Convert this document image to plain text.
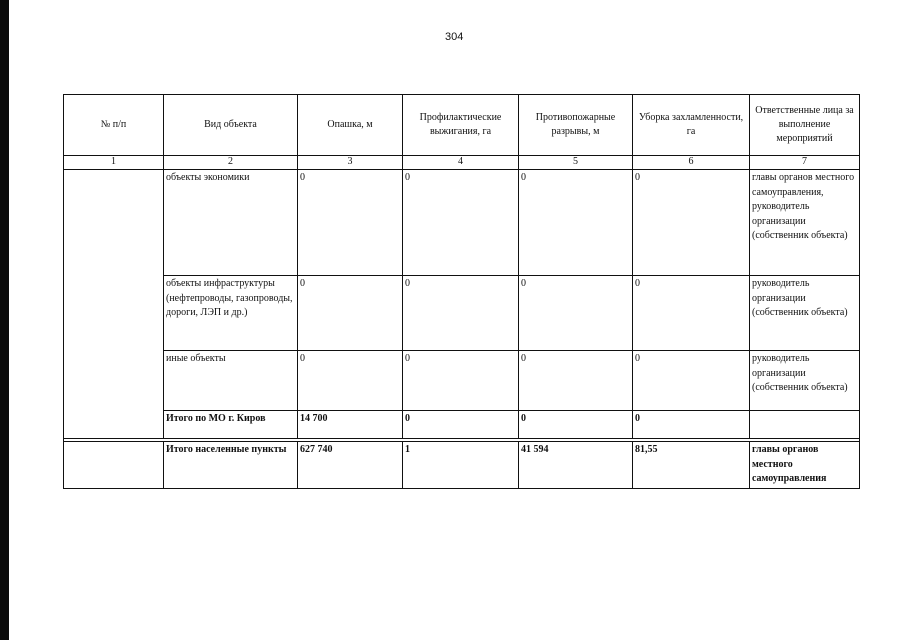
304
№ п/п	Вид объекта	Опашка, м	Профилактические выжигания, га	Противопожарные разрывы, м	Уборка захламленности, га	Ответственные лица за выполнение мероприятий
1	2	3	4	5	6	7
	объекты экономики	0	0	0	0	главы органов местного самоуправления, руководитель организации (собственник объекта)
	объекты инфраструктуры (нефтепроводы, газопроводы, дороги, ЛЭП и др.)	0	0	0	0	руководитель организации (собственник объекта)
	иные объекты	0	0	0	0	руководитель организации (собственник объекта)
	Итого по МО г. Киров	14 700	0	0	0	

	Итого населенные пункты	627 740	1	41 594	81,55	главы органов местного самоуправления
